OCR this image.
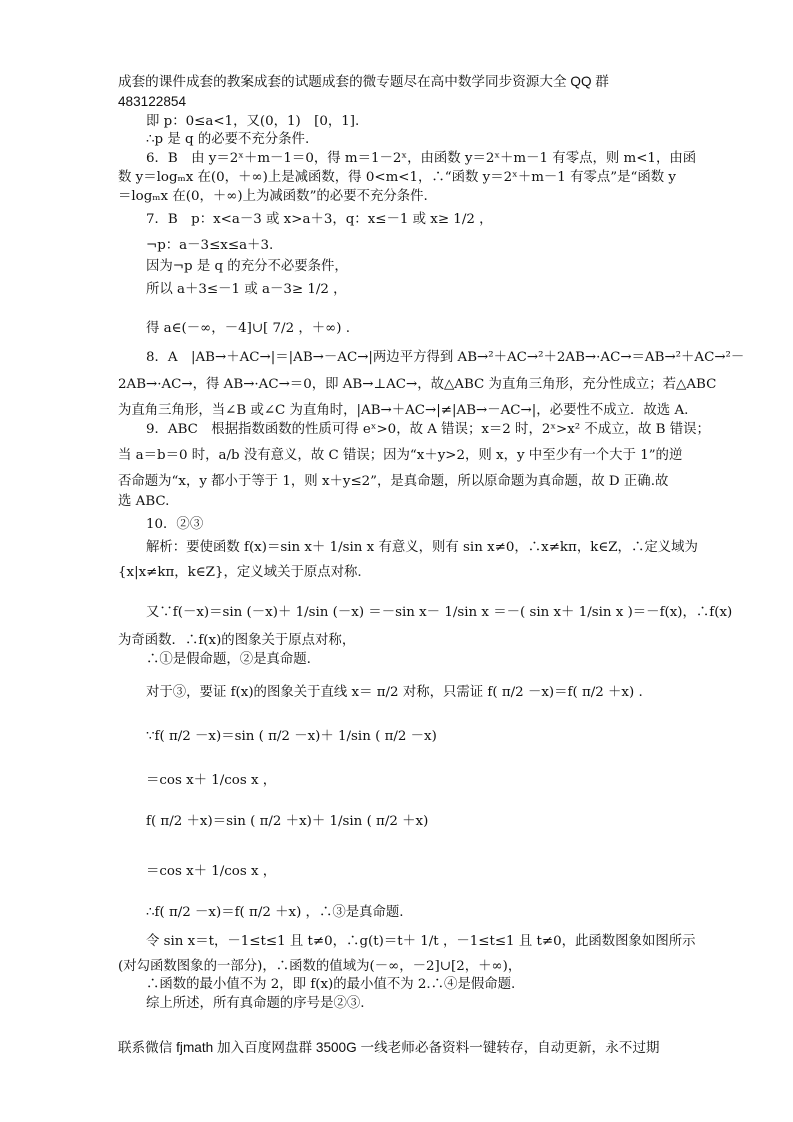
成套的课件成套的教案成套的试题成套的微专题尽在高中数学同步资源大全 QQ 群
483122854
即 p：0≤a<1，又(0，1)　[0，1].
∴p 是 q 的必要不充分条件.
6．B　由 y＝2ˣ＋m－1＝0，得 m＝1－2ˣ，由函数 y＝2ˣ＋m－1 有零点，则 m<1，由函
数 y＝logₘx 在(0，＋∞)上是减函数，得 0<m<1，∴“函数 y＝2ˣ＋m－1 有零点”是“函数 y
＝logₘx 在(0，＋∞)上为减函数”的必要不充分条件.
7．B　p：x<a－3 或 x>a＋3，q：x≤－1 或 x≥ 1/2 ，
¬p：a－3≤x≤a＋3.
因为¬p 是 q 的充分不必要条件，
所以 a＋3≤－1 或 a－3≥ 1/2 ，
得 a∈(－∞，－4]∪[ 7/2 ，＋∞) .
8．A　|AB→＋AC→|＝|AB→－AC→|两边平方得到 AB→²＋AC→²＋2AB→·AC→＝AB→²＋AC→²－
2AB→·AC→，得 AB→·AC→＝0，即 AB→⊥AC→，故△ABC 为直角三角形，充分性成立；若△ABC
为直角三角形，当∠B 或∠C 为直角时，|AB→＋AC→|≠|AB→－AC→|，必要性不成立．故选 A.
9．ABC　根据指数函数的性质可得 eˣ>0，故 A 错误；x＝2 时，2ˣ>x² 不成立，故 B 错误；
当 a＝b＝0 时，a/b 没有意义，故 C 错误；因为“x＋y>2，则 x，y 中至少有一个大于 1”的逆
否命题为“x，y 都小于等于 1，则 x＋y≤2”，是真命题，所以原命题为真命题，故 D 正确.故
选 ABC.
10．②③
解析：要使函数 f(x)＝sin x＋ 1/sin x 有意义，则有 sin x≠0，∴x≠kπ，k∈Z，∴定义域为
{x|x≠kπ，k∈Z}，定义域关于原点对称.
又∵f(－x)＝sin (－x)＋ 1/sin (－x) ＝－sin x－ 1/sin x ＝－( sin x＋ 1/sin x )＝－f(x)，∴f(x)
为奇函数．∴f(x)的图象关于原点对称，
∴①是假命题，②是真命题.
对于③，要证 f(x)的图象关于直线 x＝ π/2 对称，只需证 f( π/2 －x)＝f( π/2 ＋x) .
∵f( π/2 －x)＝sin ( π/2 －x)＋ 1/sin ( π/2 －x)
＝cos x＋ 1/cos x ，
f( π/2 ＋x)＝sin ( π/2 ＋x)＋ 1/sin ( π/2 ＋x)
＝cos x＋ 1/cos x ，
∴f( π/2 －x)＝f( π/2 ＋x) ，∴③是真命题.
令 sin x＝t，－1≤t≤1 且 t≠0，∴g(t)＝t＋ 1/t ，－1≤t≤1 且 t≠0，此函数图象如图所示
(对勾函数图象的一部分)，∴函数的值域为(－∞，－2]∪[2，＋∞)，
∴函数的最小值不为 2，即 f(x)的最小值不为 2.∴④是假命题.
综上所述，所有真命题的序号是②③.
联系微信 fjmath 加入百度网盘群 3500G 一线老师必备资料一键转存，自动更新，永不过期
